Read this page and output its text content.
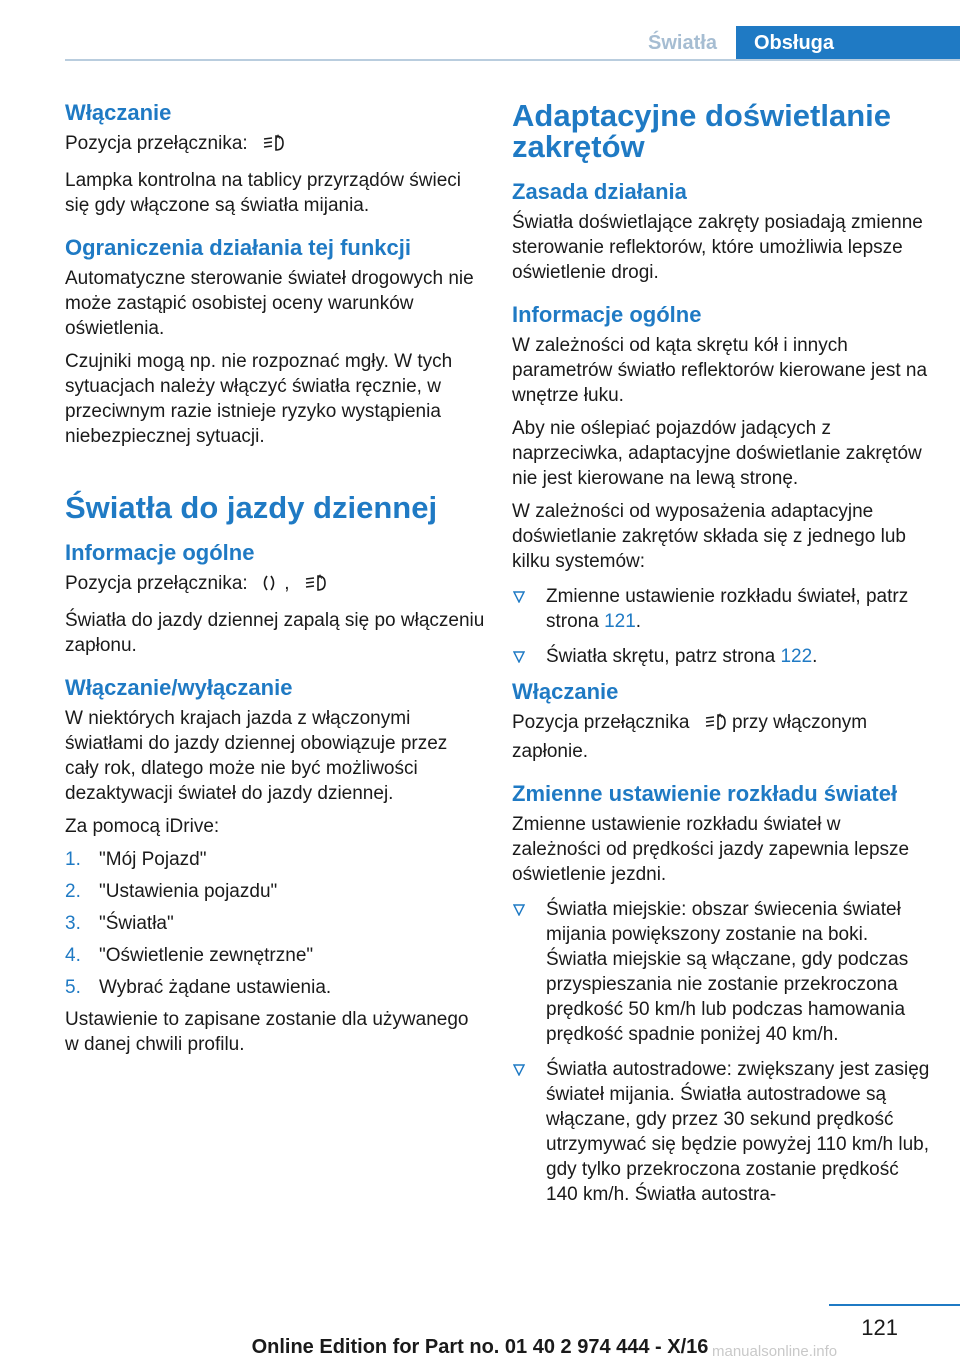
Światła	Obsługa
Włączanie

Pozycja przełącznika:	A

Lampka kontrolna na tablicy przyrządów świeci się gdy włączone są światła mijania.

Ograniczenia działania tej funkcji

Automatyczne sterowanie świateł drogowych nie może zastąpić osobistej oceny warunków oświetlenia.

Czujniki mogą np. nie rozpoznać mgły. W tych sytuacjach należy włączyć światła ręcznie, w przeciwnym razie istnieje ryzyko wystąpienia niebezpiecznej sytuacji.

Światła do jazdy dziennej
Informacje ogólne

Pozycja przełącznika: ,	A

Światła do jazdy dziennej zapalą się po włączeniu zapłonu.

Włączanie/wyłączanie

W niektórych krajach jazda z włączonymi światłami do jazdy dziennej obowiązuje przez cały rok, dlatego może nie być możliwości dezaktywacji świateł do jazdy dziennej.

Za pomocą iDrive:

1. "Mój Pojazd"
2. "Ustawienia pojazdu"
3. "Światła"
4. "Oświetlenie zewnętrzne"
5. Wybrać żądane ustawienia.

Ustawienie to zapisane zostanie dla używanego w danej chwili profilu.

Adaptacyjne doświetlanie zakrętów
Zasada działania

Światła doświetlające zakręty posiadają zmienne sterowanie reflektorów, które umożliwia lepsze oświetlenie drogi.

Informacje ogólne

W zależności od kąta skrętu kół i innych parametrów światło reflektorów kierowane jest na wnętrze łuku.

Aby nie oślepiać pojazdów jadących z naprzeciwka, adaptacyjne doświetlanie zakrętów nie jest kierowane na lewą stronę.

W zależności od wyposażenia adaptacyjne doświetlanie zakrętów składa się z jednego lub kilku systemów:

Zmienne ustawienie rozkładu świateł, patrz strona 121.
Światła skrętu, patrz strona 122.
Włączanie

Pozycja przełącznika	A przy włączonym zapłonie.

Zmienne ustawienie rozkładu świateł

Zmienne ustawienie rozkładu świateł w zależności od prędkości jazdy zapewnia lepsze oświetlenie jezdni.

Światła miejskie: obszar świecenia świateł mijania powiększony zostanie na boki. Światła miejskie są włączane, gdy podczas przyspieszania nie zostanie przekroczona prędkość 50 km/h lub podczas hamowania prędkość spadnie poniżej 40 km/h.
Światła autostradowe: zwiększany jest zasięg świateł mijania. Światła autostradowe są włączane, gdy przez 30 sekund prędkość utrzymywać się będzie powyżej 110 km/h lub, gdy tylko przekroczona zostanie prędkość 140 km/h. Światła autostra-
121
Online Edition for Part no. 01 40 2 974 444 - X/16 manualsonline.info
